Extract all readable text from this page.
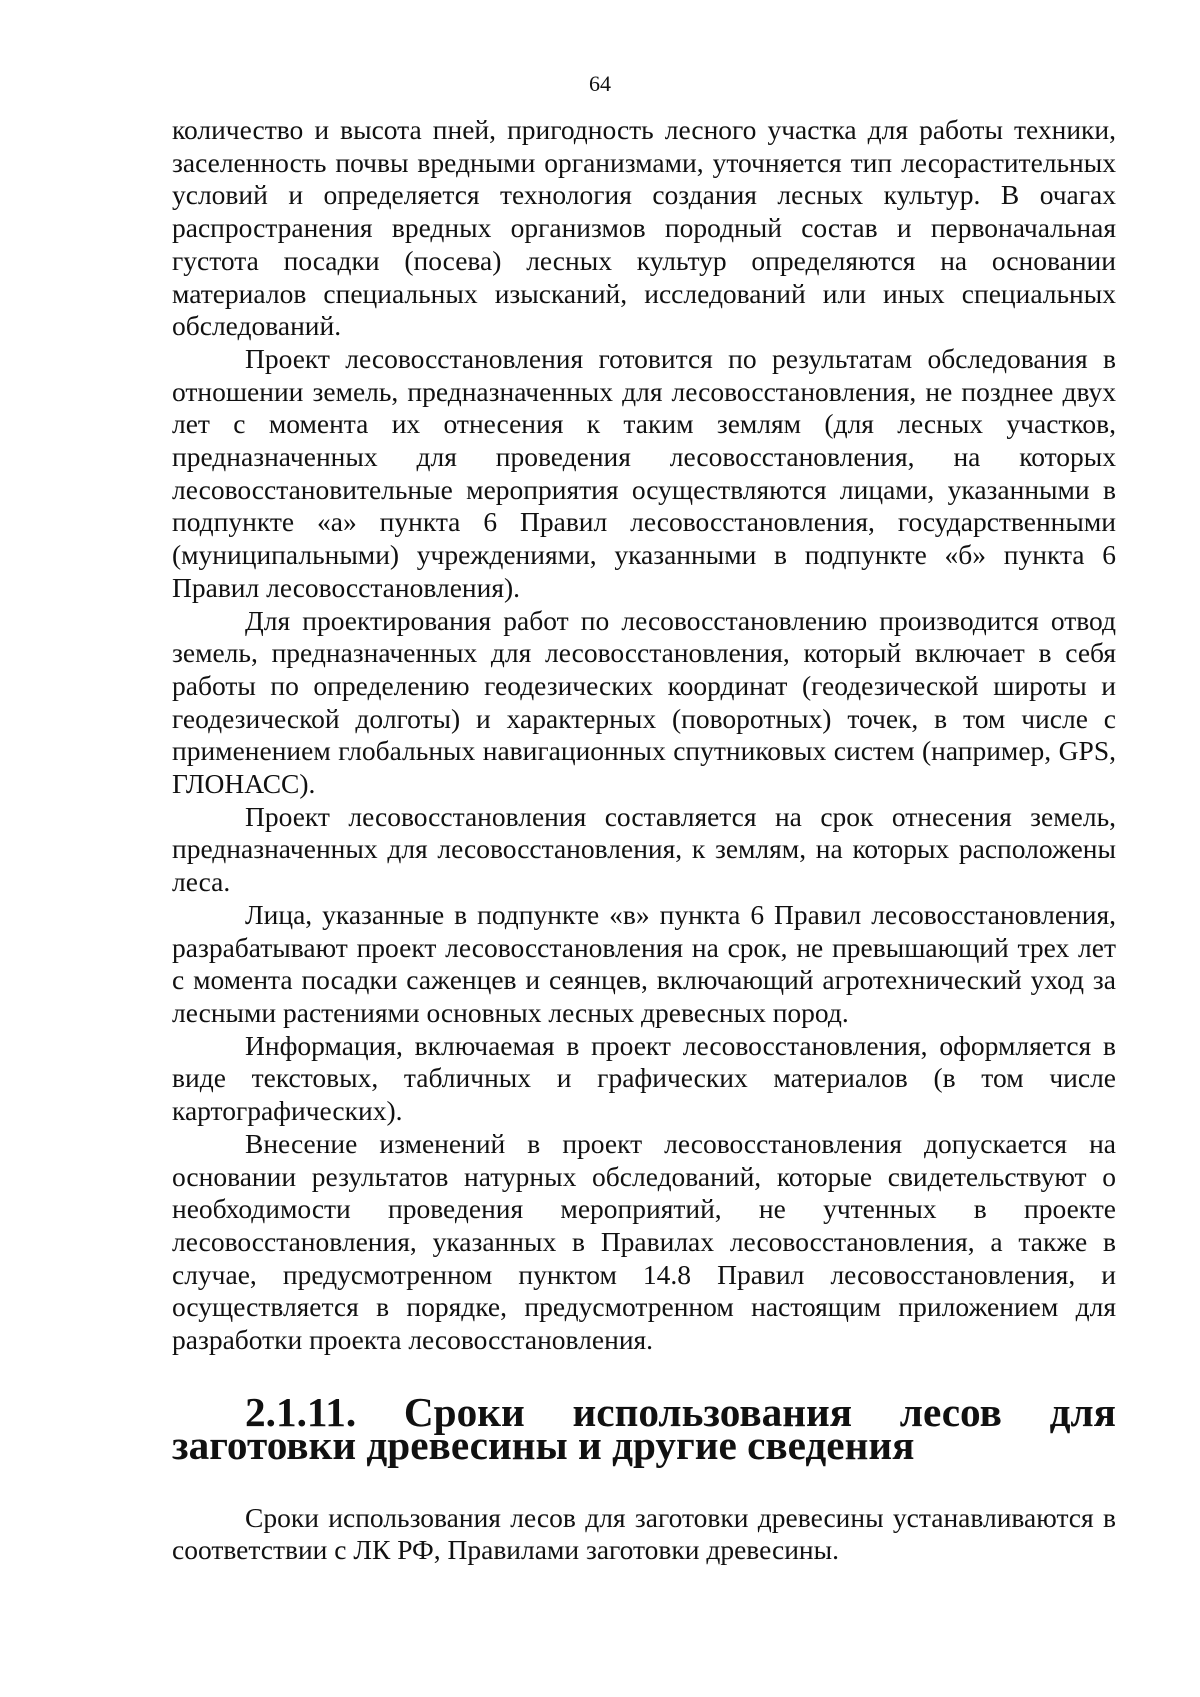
64

количество и высота пней, пригодность лесного участка для работы техники, заселенность почвы вредными организмами, уточняется тип лесорастительных условий и определяется технология создания лесных культур. В очагах распространения вредных организмов породный состав и первоначальная густота посадки (посева) лесных культур определяются на основании материалов специальных изысканий, исследований или иных специальных обследований.

Проект лесовосстановления готовится по результатам обследования в отношении земель, предназначенных для лесовосстановления, не позднее двух лет с момента их отнесения к таким землям (для лесных участков, предназначенных для проведения лесовосстановления, на которых лесовосстановительные мероприятия осуществляются лицами, указанными в подпункте «а» пункта 6 Правил лесовосстановления, государственными (муниципальными) учреждениями, указанными в подпункте «б» пункта 6 Правил лесовосстановления).

Для проектирования работ по лесовосстановлению производится отвод земель, предназначенных для лесовосстановления, который включает в себя работы по определению геодезических координат (геодезической широты и геодезической долготы) и характерных (поворотных) точек, в том числе с применением глобальных навигационных спутниковых систем (например, GPS, ГЛОНАСС).

Проект лесовосстановления составляется на срок отнесения земель, предназначенных для лесовосстановления, к землям, на которых расположены леса.

Лица, указанные в подпункте «в» пункта 6 Правил лесовосстановления, разрабатывают проект лесовосстановления на срок, не превышающий трех лет с момента посадки саженцев и сеянцев, включающий агротехнический уход за лесными растениями основных лесных древесных пород.

Информация, включаемая в проект лесовосстановления, оформляется в виде текстовых, табличных и графических материалов (в том числе картографических).

Внесение изменений в проект лесовосстановления допускается на основании результатов натурных обследований, которые свидетельствуют о необходимости проведения мероприятий, не учтенных в проекте лесовосстановления, указанных в Правилах лесовосстановления, а также в случае, предусмотренном пунктом 14.8 Правил лесовосстановления, и осуществляется в порядке, предусмотренном настоящим приложением для разработки проекта лесовосстановления.

2.1.11. Сроки использования лесов для заготовки древесины и другие сведения

Сроки использования лесов для заготовки древесины устанавливаются в соответствии с ЛК РФ, Правилами заготовки древесины.
